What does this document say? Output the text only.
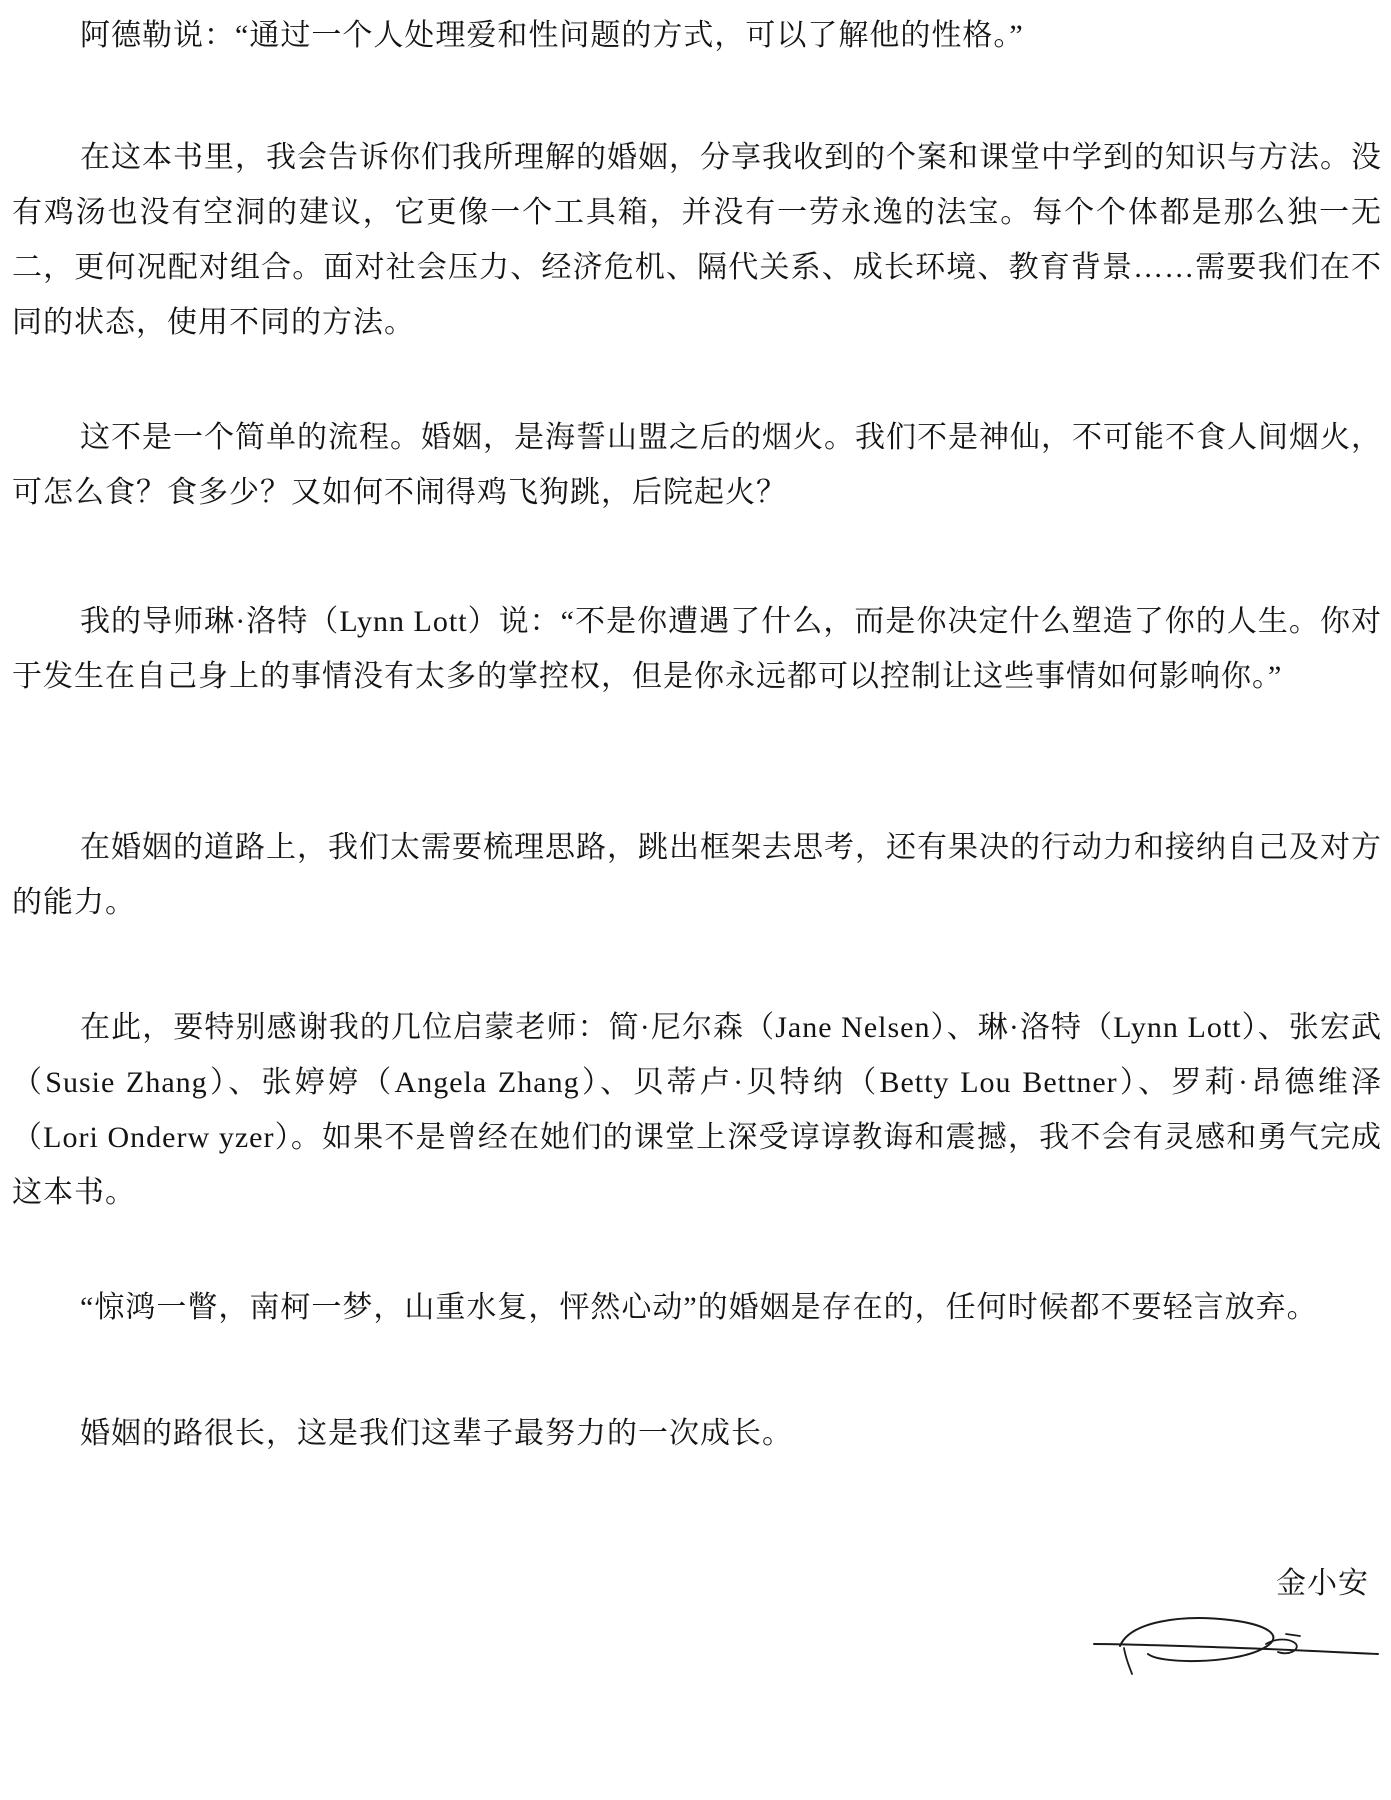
阿德勒说：“通过一个人处理爱和性问题的方式，可以了解他的性格。”

在这本书里，我会告诉你们我所理解的婚姻，分享我收到的个案和课堂中学到的知识与方法。没有鸡汤也没有空洞的建议，它更像一个工具箱，并没有一劳永逸的法宝。每个个体都是那么独一无二，更何况配对组合。面对社会压力、经济危机、隔代关系、成长环境、教育背景……需要我们在不同的状态，使用不同的方法。

这不是一个简单的流程。婚姻，是海誓山盟之后的烟火。我们不是神仙，不可能不食人间烟火，可怎么食？食多少？又如何不闹得鸡飞狗跳，后院起火？

我的导师琳·洛特（Lynn Lott）说：“不是你遭遇了什么，而是你决定什么塑造了你的人生。你对于发生在自己身上的事情没有太多的掌控权，但是你永远都可以控制让这些事情如何影响你。”

在婚姻的道路上，我们太需要梳理思路，跳出框架去思考，还有果决的行动力和接纳自己及对方的能力。

在此，要特别感谢我的几位启蒙老师：简·尼尔森（Jane Nelsen）、琳·洛特（Lynn Lott）、张宏武（Susie Zhang）、张婷婷（Angela Zhang）、贝蒂卢·贝特纳（Betty Lou Bettner）、罗莉·昂德维泽（Lori Onderw yzer）。如果不是曾经在她们的课堂上深受谆谆教诲和震撼，我不会有灵感和勇气完成这本书。

“惊鸿一瞥，南柯一梦，山重水复，怦然心动”的婚姻是存在的，任何时候都不要轻言放弃。

婚姻的路很长，这是我们这辈子最努力的一次成长。

金小安
